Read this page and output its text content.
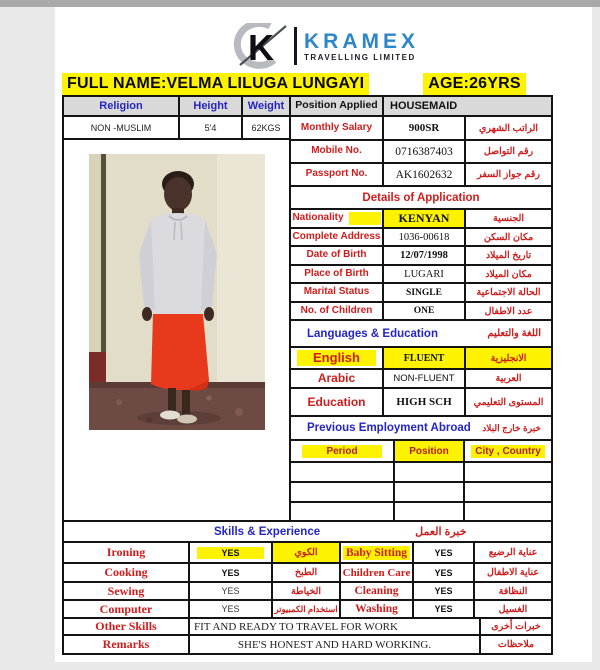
K KRAMEX
TRAVELLING LIMITED
FULL NAME: VELMA LILUGA LUNGAYI	AGE: 26YRS
Religion	Height	Weight
NON -MUSLIM	5'4	62KGS
Position Applied	HOUSEMAID
Monthly Salary	900SR	الراتب الشهري
Mobile No.	0716387403	رقم التواصل
Passport No.	AK1602632	رقم جواز السفر
Details of Application
Nationality	KENYAN	الجنسية
Complete Address	1036-00618	مكان السكن
Date of Birth	12/07/1998	تاريخ الميلاد
Place of Birth	LUGARI	مكان الميلاد
Marital Status	SINGLE	الحالة الاجتماعية
No. of Children	ONE	عدد الاطفال
Languages & Education	اللغة والتعليم
English	FLUENT	الانجليزية
Arabic	NON-FLUENT	العربية
Education	HIGH SCH	المستوى التعليمي
Previous Employment Abroad خبرة خارج البلاد
Period	Position	City , Country
Skills & Experience	خبرة العمل
Ironing	YES	الكوي	Baby Sitting	YES	عناية الرضيع
Cooking	YES	الطبخ	Children Care	YES	عناية الاطفال
Sewing	YES	الخياطة	Cleaning	YES	النظافة
Computer	YES	استخدام الكمبيوتر	Washing	YES	الغسيل
Other Skills	FIT AND READY TO TRAVEL FOR WORK	خبرات أخرى
Remarks	SHE'S HONEST AND HARD WORKING.	ملاحظات
